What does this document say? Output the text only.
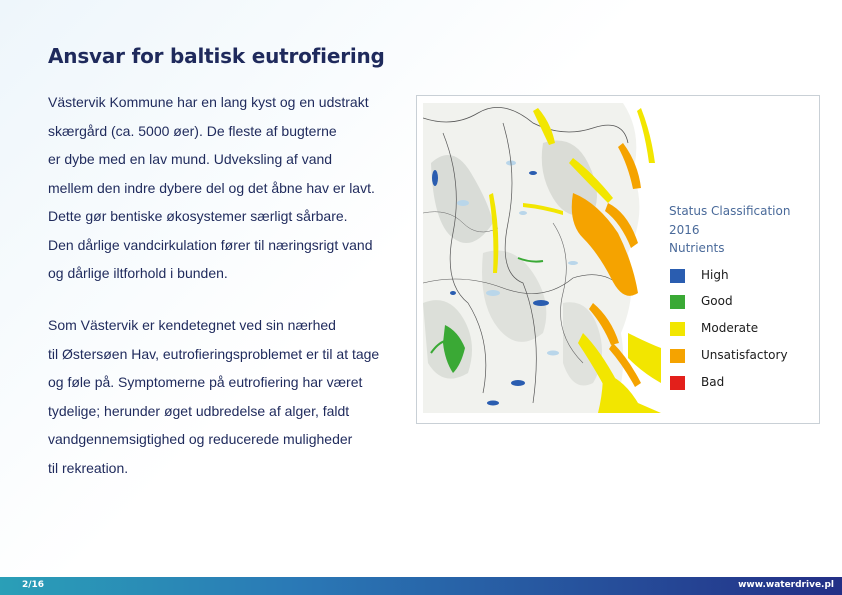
Ansvar for baltisk eutrofiering
Västervik Kommune har en lang kyst og en udstrakt
skærgård (ca. 5000 øer). De fleste af bugterne
er dybe med en lav mund. Udveksling af vand
mellem den indre dybere del og det åbne hav er lavt.
Dette gør bentiske økosystemer særligt sårbare.
Den dårlige vandcirkulation fører til næringsrigt vand
og dårlige iltforhold i bunden.
Som Västervik er kendetegnet ved sin nærhed
til Østersøen Hav, eutrofieringsproblemet er til at tage
og føle på. Symptomerne på eutrofiering har været
tydelige; herunder øget udbredelse af alger, faldt
vandgennemsigtighed og reducerede muligheder
til rekreation.
Status Classification
2016
Nutrients
High
Good
Moderate
Unsatisfactory
Bad
2/16	www.waterdrive.pl
